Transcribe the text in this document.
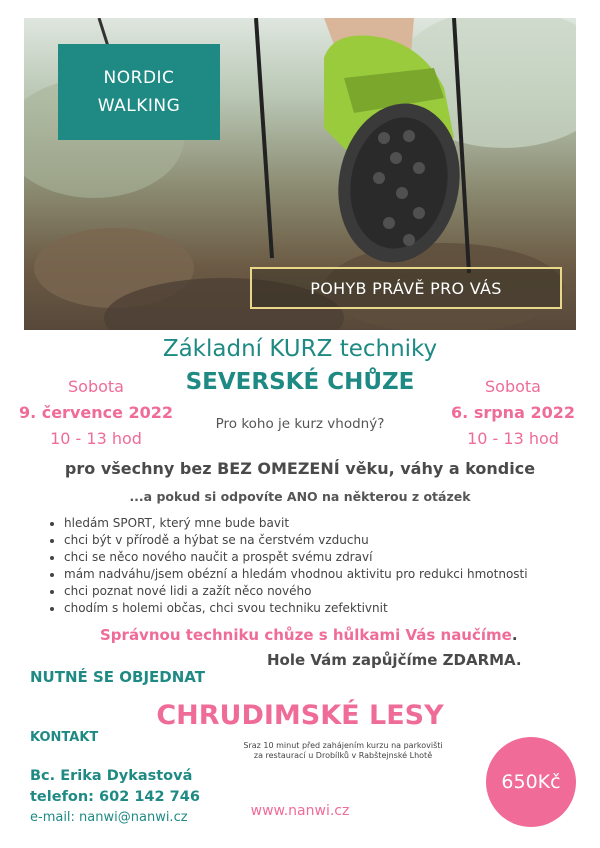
NORDIC
WALKING
POHYB PRÁVĚ PRO VÁS
Základní KURZ techniky
SEVERSKÉ CHŮZE
Pro koho je kurz vhodný?
Sobota
9. července 2022
10 - 13 hod
Sobota
6. srpna 2022
10 - 13 hod
pro všechny bez BEZ OMEZENÍ věku, váhy a kondice
...a pokud si odpovíte ANO na některou z otázek
• hledám SPORT, který mne bude bavit
• chci být v přírodě a hýbat se na čerstvém vzduchu
• chci se něco nového naučit a prospět svému zdraví
• mám nadváhu/jsem obézní a hledám vhodnou aktivitu pro redukci hmotnosti
• chci poznat nové lidi a zažít něco nového
• chodím s holemi občas, chci svou techniku zefektivnit
Správnou techniku chůze s hůlkami Vás naučíme.
Hole Vám zapůjčíme ZDARMA.
NUTNÉ SE OBJEDNAT
CHRUDIMSKÉ LESY
KONTAKT
Sraz 10 minut před zahájením kurzu na parkovišti
za restaurací u Drobílků v Rabštejnské Lhotě
Bc. Erika Dykastová
telefon: 602 142 746
e-mail: nanwi@nanwi.cz	www.nanwi.cz
650Kč
